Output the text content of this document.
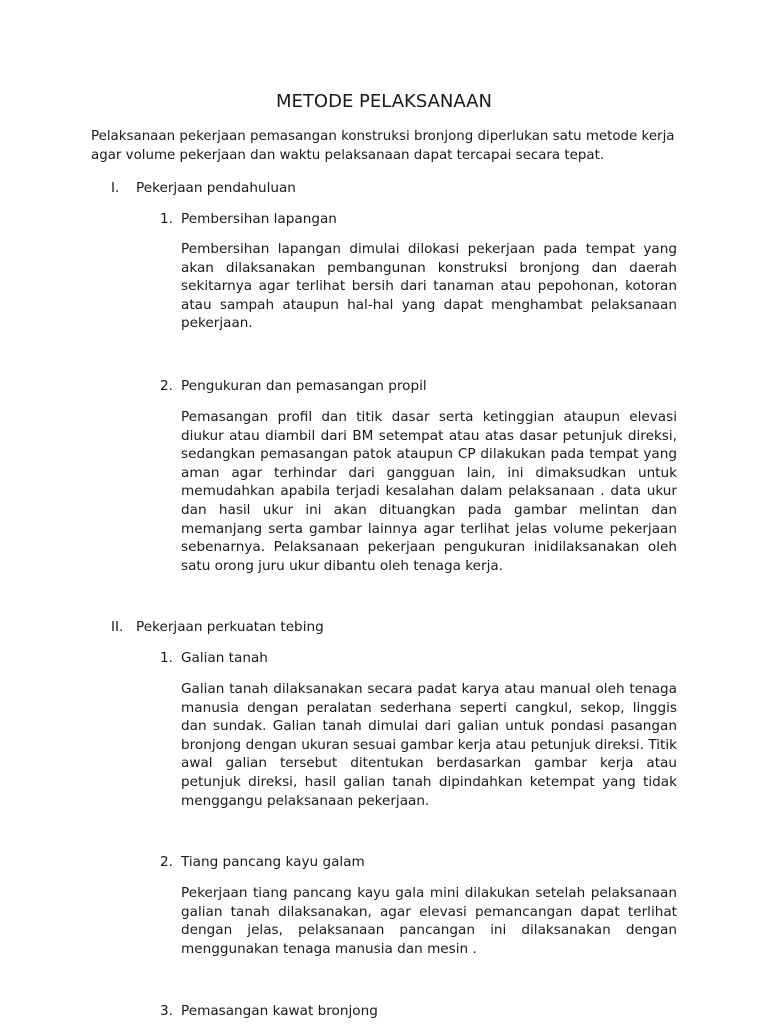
METODE PELAKSANAAN

Pelaksanaan pekerjaan pemasangan konstruksi bronjong diperlukan satu metode kerja agar volume pekerjaan dan waktu pelaksanaan dapat tercapai secara tepat.

I. Pekerjaan pendahuluan
1. Pembersihan lapangan

Pembersihan lapangan dimulai dilokasi pekerjaan pada tempat yang akan dilaksanakan pembangunan konstruksi bronjong dan daerah sekitarnya agar terlihat bersih dari tanaman atau pepohonan, kotoran atau sampah ataupun hal-hal yang dapat menghambat pelaksanaan pekerjaan.

2. Pengukuran dan pemasangan propil

Pemasangan profil dan titik dasar serta ketinggian ataupun elevasi diukur atau diambil dari BM setempat atau atas dasar petunjuk direksi, sedangkan pemasangan patok ataupun CP dilakukan pada tempat yang aman agar terhindar dari gangguan lain, ini dimaksudkan untuk memudahkan apabila terjadi kesalahan dalam pelaksanaan . data ukur dan hasil ukur ini akan dituangkan pada gambar melintan dan memanjang serta gambar lainnya agar terlihat jelas volume pekerjaan sebenarnya. Pelaksanaan pekerjaan pengukuran inidilaksanakan oleh satu orong juru ukur dibantu oleh tenaga kerja.

II. Pekerjaan perkuatan tebing
1. Galian tanah

Galian tanah dilaksanakan secara padat karya atau manual oleh tenaga manusia dengan peralatan sederhana seperti cangkul, sekop, linggis dan sundak. Galian tanah dimulai dari galian untuk pondasi pasangan bronjong dengan ukuran sesuai gambar kerja atau petunjuk direksi. Titik awal galian tersebut ditentukan berdasarkan gambar kerja atau petunjuk direksi, hasil galian tanah dipindahkan ketempat yang tidak menggangu pelaksanaan pekerjaan.

2. Tiang pancang kayu galam

Pekerjaan tiang pancang kayu gala mini dilakukan setelah pelaksanaan galian tanah dilaksanakan, agar elevasi pemancangan dapat terlihat dengan jelas, pelaksanaan pancangan ini dilaksanakan dengan menggunakan tenaga manusia dan mesin .

3. Pemasangan kawat bronjong
